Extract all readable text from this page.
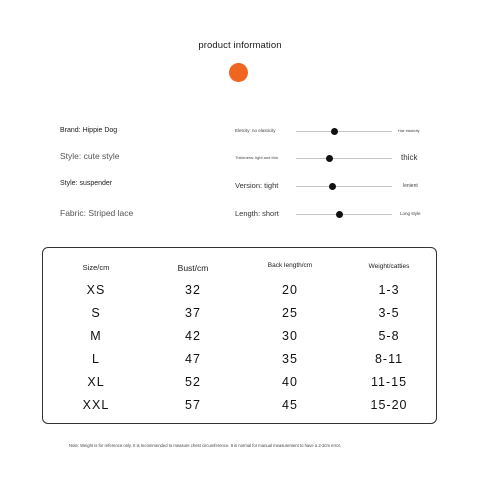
product information
Brand: Hippie Dog	Eletcity: no elasticity	Hair elasticity
Style: cute style	Thickness: light and thin	thick
Style: suspender	Version: tight	lenient
Fabric: Striped lace	Length: short	Long style
Size/cm	Bust/cm	Back length/cm	Weight/catties
XS	32	20	1-3
S	37	25	3-5
M	42	30	5-8
L	47	35	8-11
XL	52	40	11-15
XXL	57	45	15-20
Note: Weight is for reference only. It is recommended to measure chest circumference. It is normal for manual measurement to have a 2-3cm error.
